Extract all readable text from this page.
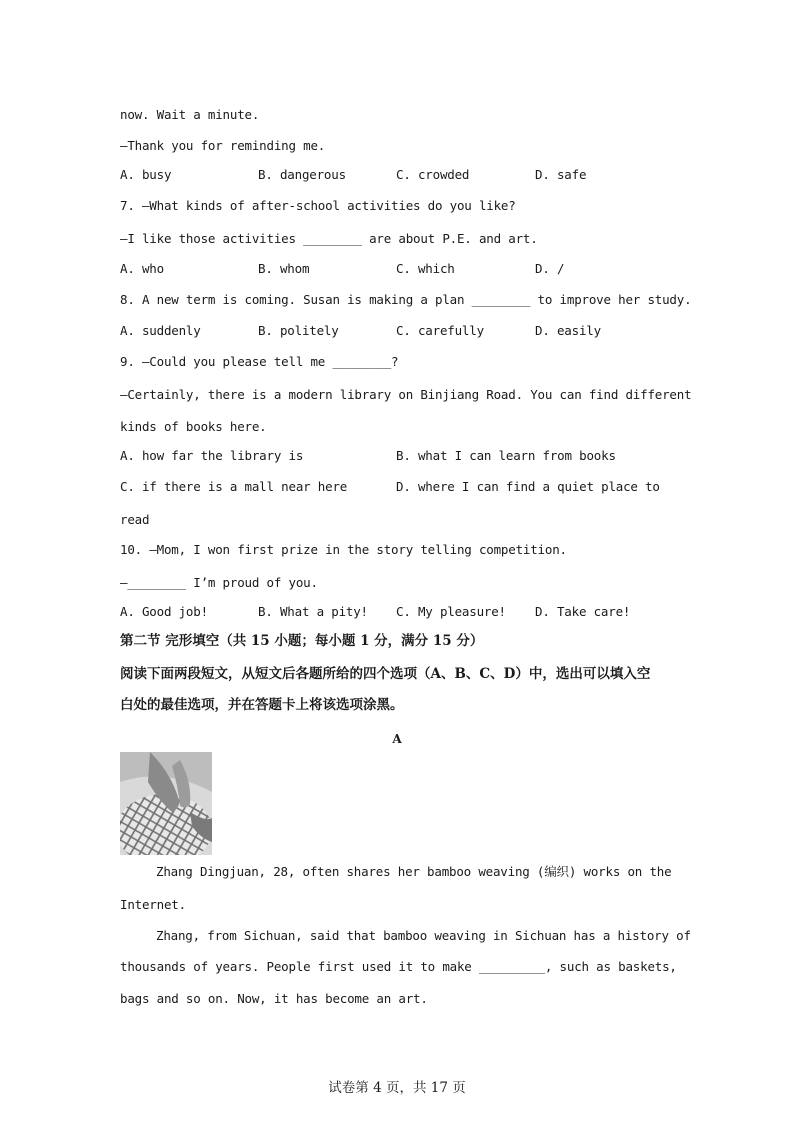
now. Wait a minute.
—Thank you for reminding me.
A. busy	B. dangerous	C. crowded	D. safe
7. —What kinds of after-school activities do you like?
—I like those activities ________ are about P.E. and art.
A. who	B. whom	C. which	D. /
8. A new term is coming. Susan is making a plan ________ to improve her study.
A. suddenly	B. politely	C. carefully	D. easily
9. —Could you please tell me ________?
—Certainly, there is a modern library on Binjiang Road. You can find different
kinds of books here.
A. how far the library is	B. what I can learn from books
C. if there is a mall near here	D. where I can find a quiet place to
read
10. —Mom, I won first prize in the story telling competition.
—________ I’m proud of you.
A. Good job!	B. What a pity! C. My pleasure! D. Take care!
第二节 完形填空（共 15 小题；每小题 1 分，满分 15 分）
阅读下面两段短文，从短文后各题所给的四个选项（A、B、C、D）中，选出可以填入空
白处的最佳选项，并在答题卡上将该选项涂黑。
A
Zhang Dingjuan, 28, often shares her bamboo weaving (编织) works on the
Internet.
Zhang, from Sichuan, said that bamboo weaving in Sichuan has a history of
thousands of years. People first used it to make _________, such as baskets,
bags and so on. Now, it has become an art.
试卷第 4 页，共 17 页
